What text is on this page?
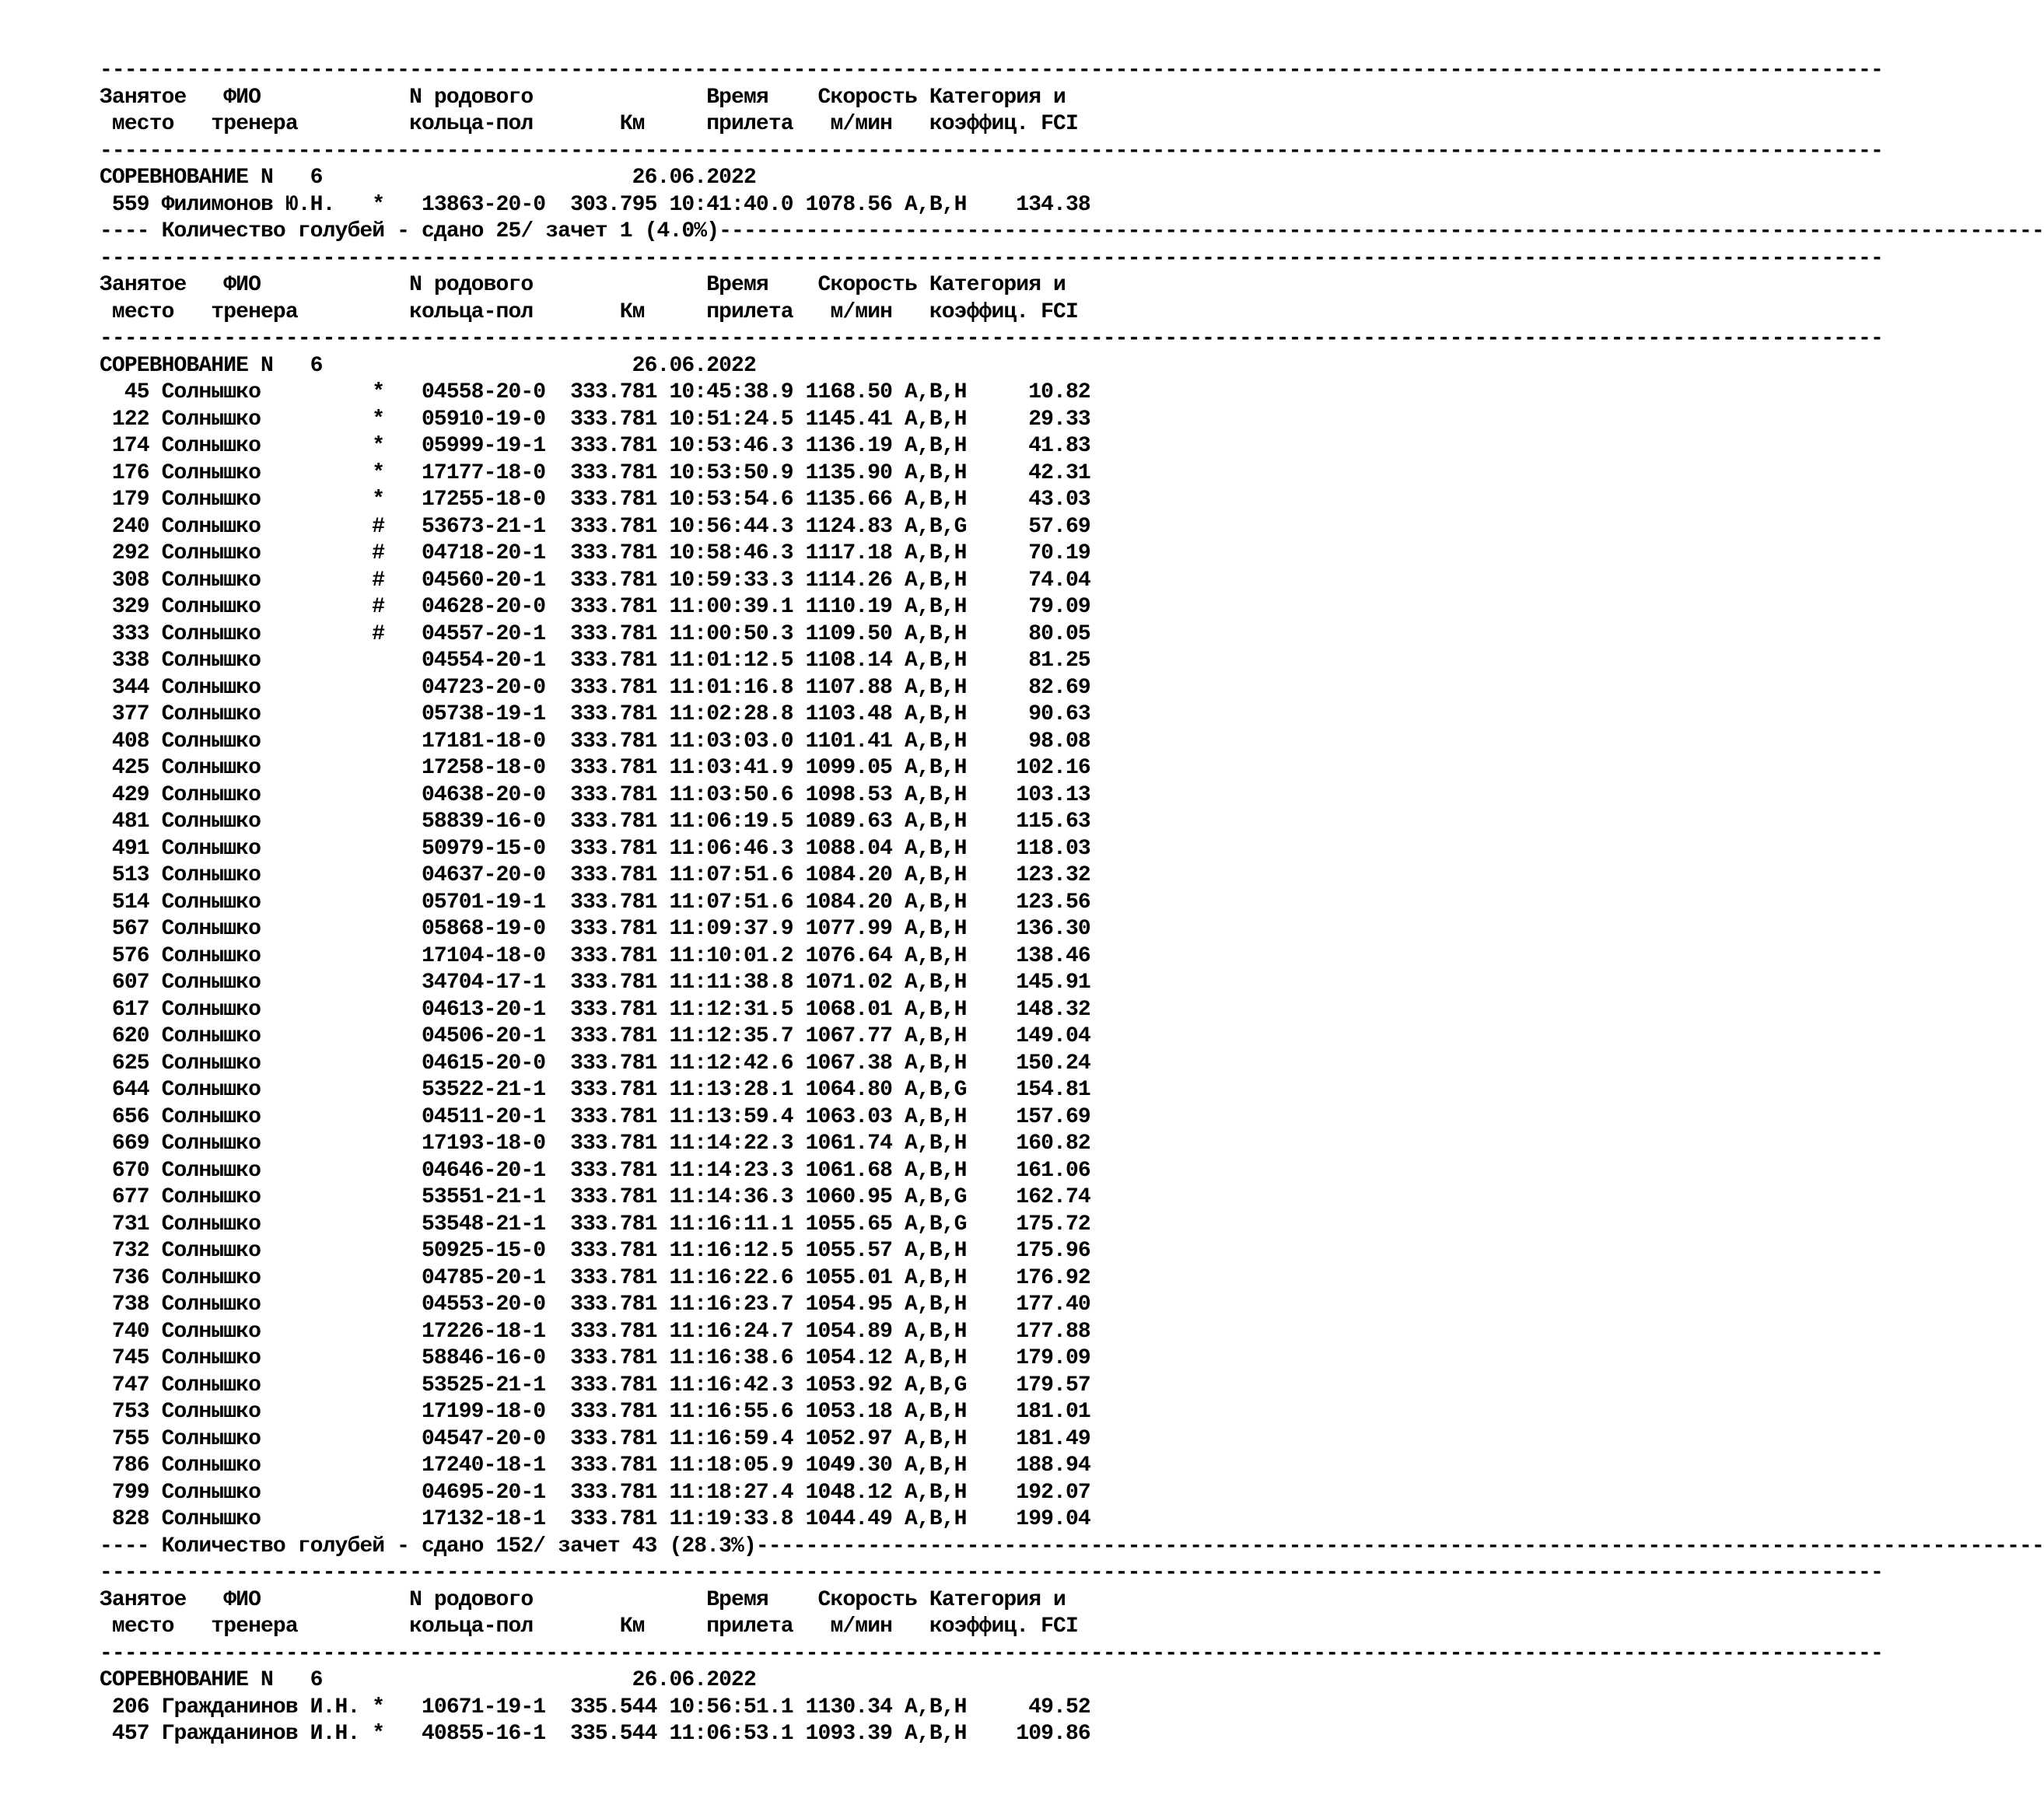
------------------------------------------------------------------------------------------------------------------------------------------------
Занятое   ФИО            N родового              Время    Скорость Категория и
место   тренера         кольца-пол       Км     прилета   м/мин   коэффиц. FCI
------------------------------------------------------------------------------------------------------------------------------------------------
СОРЕВНОВАНИЕ N   6                         26.06.2022
559 Филимонов Ю.Н.   *   13863-20-0  303.795 10:41:40.0 1078.56 A,B,H    134.38
---- Количество голубей - сдано 25/ зачет 1 (4.0%)-----------------------------------------------------------------------------------------------------------
------------------------------------------------------------------------------------------------------------------------------------------------
Занятое   ФИО            N родового              Время    Скорость Категория и
место   тренера         кольца-пол       Км     прилета   м/мин   коэффиц. FCI
------------------------------------------------------------------------------------------------------------------------------------------------
СОРЕВНОВАНИЕ N   6                         26.06.2022
45 Солнышко         *   04558-20-0  333.781 10:45:38.9 1168.50 A,B,H     10.82
122 Солнышко         *   05910-19-0  333.781 10:51:24.5 1145.41 A,B,H     29.33
174 Солнышко         *   05999-19-1  333.781 10:53:46.3 1136.19 A,B,H     41.83
176 Солнышко         *   17177-18-0  333.781 10:53:50.9 1135.90 A,B,H     42.31
179 Солнышко         *   17255-18-0  333.781 10:53:54.6 1135.66 A,B,H     43.03
240 Солнышко         #   53673-21-1  333.781 10:56:44.3 1124.83 A,B,G     57.69
292 Солнышко         #   04718-20-1  333.781 10:58:46.3 1117.18 A,B,H     70.19
308 Солнышко         #   04560-20-1  333.781 10:59:33.3 1114.26 A,B,H     74.04
329 Солнышко         #   04628-20-0  333.781 11:00:39.1 1110.19 A,B,H     79.09
333 Солнышко         #   04557-20-1  333.781 11:00:50.3 1109.50 A,B,H     80.05
338 Солнышко             04554-20-1  333.781 11:01:12.5 1108.14 A,B,H     81.25
344 Солнышко             04723-20-0  333.781 11:01:16.8 1107.88 A,B,H     82.69
377 Солнышко             05738-19-1  333.781 11:02:28.8 1103.48 A,B,H     90.63
408 Солнышко             17181-18-0  333.781 11:03:03.0 1101.41 A,B,H     98.08
425 Солнышко             17258-18-0  333.781 11:03:41.9 1099.05 A,B,H    102.16
429 Солнышко             04638-20-0  333.781 11:03:50.6 1098.53 A,B,H    103.13
481 Солнышко             58839-16-0  333.781 11:06:19.5 1089.63 A,B,H    115.63
491 Солнышко             50979-15-0  333.781 11:06:46.3 1088.04 A,B,H    118.03
513 Солнышко             04637-20-0  333.781 11:07:51.6 1084.20 A,B,H    123.32
514 Солнышко             05701-19-1  333.781 11:07:51.6 1084.20 A,B,H    123.56
567 Солнышко             05868-19-0  333.781 11:09:37.9 1077.99 A,B,H    136.30
576 Солнышко             17104-18-0  333.781 11:10:01.2 1076.64 A,B,H    138.46
607 Солнышко             34704-17-1  333.781 11:11:38.8 1071.02 A,B,H    145.91
617 Солнышко             04613-20-1  333.781 11:12:31.5 1068.01 A,B,H    148.32
620 Солнышко             04506-20-1  333.781 11:12:35.7 1067.77 A,B,H    149.04
625 Солнышко             04615-20-0  333.781 11:12:42.6 1067.38 A,B,H    150.24
644 Солнышко             53522-21-1  333.781 11:13:28.1 1064.80 A,B,G    154.81
656 Солнышко             04511-20-1  333.781 11:13:59.4 1063.03 A,B,H    157.69
669 Солнышко             17193-18-0  333.781 11:14:22.3 1061.74 A,B,H    160.82
670 Солнышко             04646-20-1  333.781 11:14:23.3 1061.68 A,B,H    161.06
677 Солнышко             53551-21-1  333.781 11:14:36.3 1060.95 A,B,G    162.74
731 Солнышко             53548-21-1  333.781 11:16:11.1 1055.65 A,B,G    175.72
732 Солнышко             50925-15-0  333.781 11:16:12.5 1055.57 A,B,H    175.96
736 Солнышко             04785-20-1  333.781 11:16:22.6 1055.01 A,B,H    176.92
738 Солнышко             04553-20-0  333.781 11:16:23.7 1054.95 A,B,H    177.40
740 Солнышко             17226-18-1  333.781 11:16:24.7 1054.89 A,B,H    177.88
745 Солнышко             58846-16-0  333.781 11:16:38.6 1054.12 A,B,H    179.09
747 Солнышко             53525-21-1  333.781 11:16:42.3 1053.92 A,B,G    179.57
753 Солнышко             17199-18-0  333.781 11:16:55.6 1053.18 A,B,H    181.01
755 Солнышко             04547-20-0  333.781 11:16:59.4 1052.97 A,B,H    181.49
786 Солнышко             17240-18-1  333.781 11:18:05.9 1049.30 A,B,H    188.94
799 Солнышко             04695-20-1  333.781 11:18:27.4 1048.12 A,B,H    192.07
828 Солнышко             17132-18-1  333.781 11:19:33.8 1044.49 A,B,H    199.04
---- Количество голубей - сдано 152/ зачет 43 (28.3%)--------------------------------------------------------------------------------------------------------
------------------------------------------------------------------------------------------------------------------------------------------------
Занятое   ФИО            N родового              Время    Скорость Категория и
место   тренера         кольца-пол       Км     прилета   м/мин   коэффиц. FCI
------------------------------------------------------------------------------------------------------------------------------------------------
СОРЕВНОВАНИЕ N   6                         26.06.2022
206 Гражданинов И.Н. *   10671-19-1  335.544 10:56:51.1 1130.34 A,B,H     49.52
457 Гражданинов И.Н. *   40855-16-1  335.544 11:06:53.1 1093.39 A,B,H    109.86
